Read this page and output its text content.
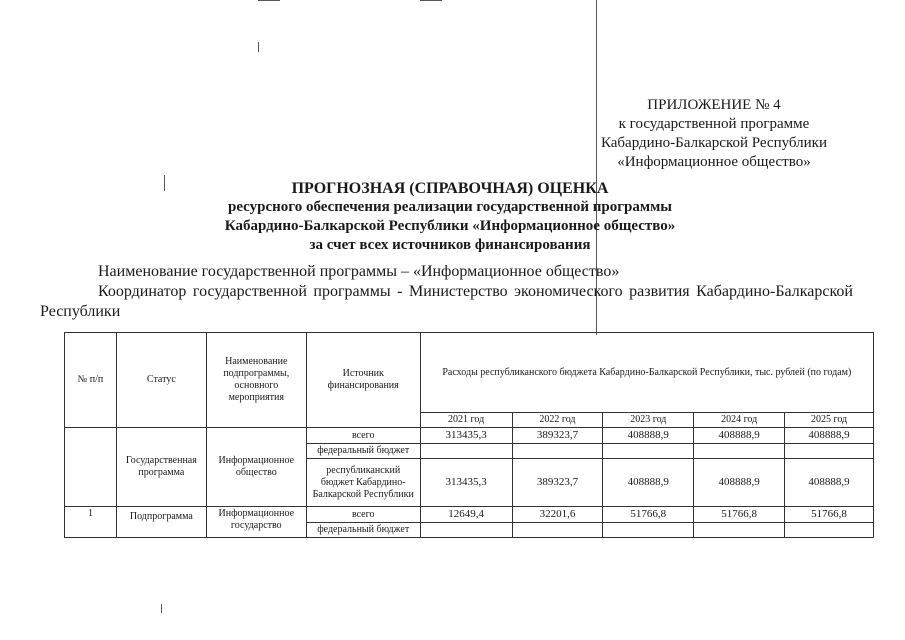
ПРИЛОЖЕНИЕ № 4
к государственной программе
Кабардино-Балкарской Республики
«Информационное общество»
ПРОГНОЗНАЯ (СПРАВОЧНАЯ) ОЦЕНКА
ресурсного обеспечения реализации государственной программы
Кабардино-Балкарской Республики «Информационное общество»
за счет всех источников финансирования
Наименование государственной программы – «Информационное общество»
Координатор государственной программы - Министерство экономического развития Кабардино-Балкарской Республики
№ п/п	Статус	Наименование подпрограммы, основного мероприятия	Источник финансирования	Расходы республиканского бюджета Кабардино-Балкарской Республики, тыс. рублей (по годам)				
				2021 год	2022 год	2023 год	2024 год	2025 год
	Государственная программа	Информационное общество	всего	313435,3	389323,7	408888,9	408888,9	408888,9
			федеральный бюджет					
			республиканский бюджет Кабардино-Балкарской Республики	313435,3	389323,7	408888,9	408888,9	408888,9
1	Подпрограмма	Информационное государство	всего	12649,4	32201,6	51766,8	51766,8	51766,8
			федеральный бюджет					
